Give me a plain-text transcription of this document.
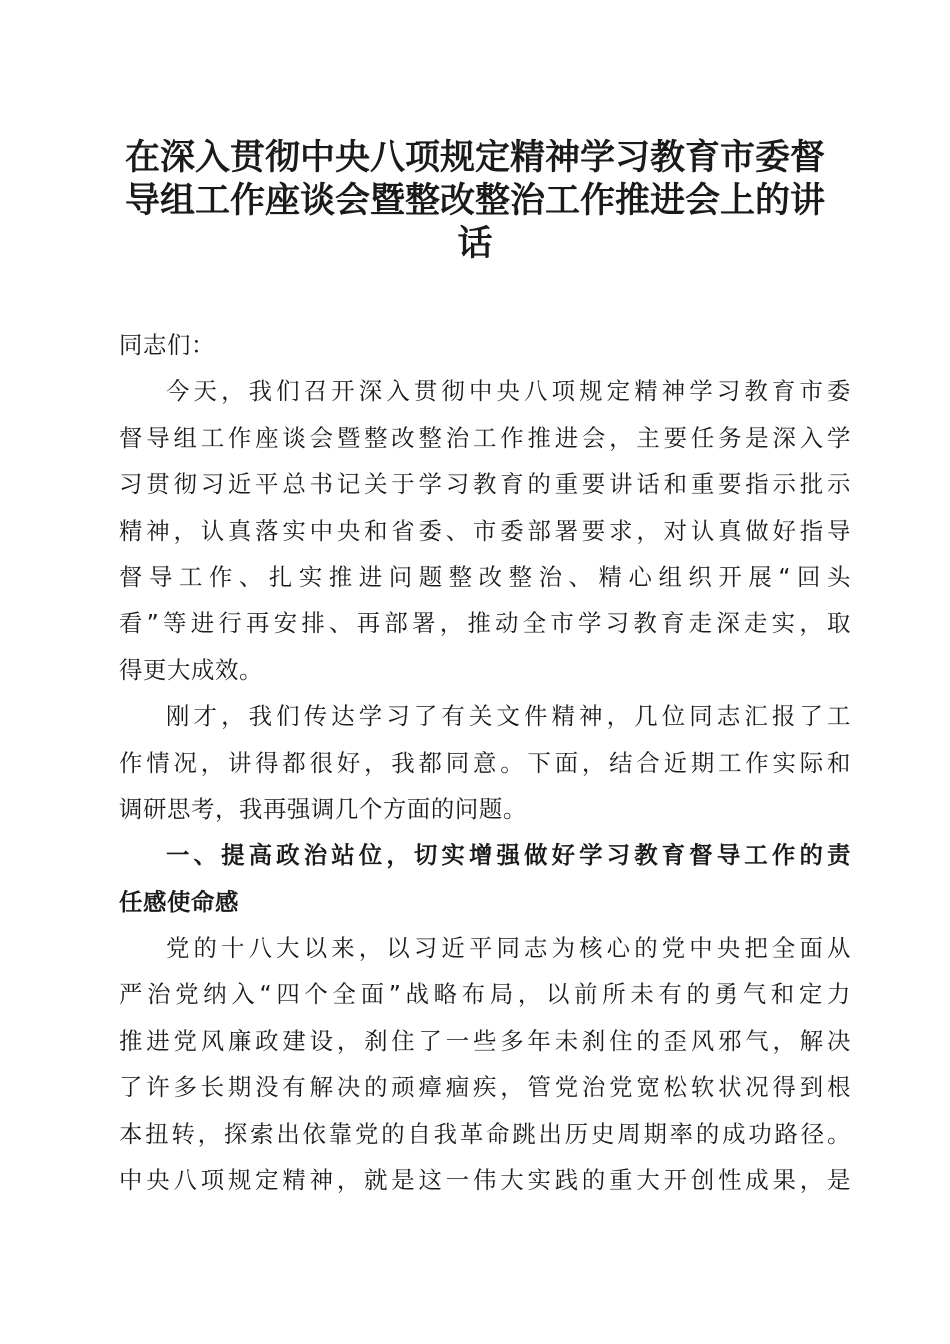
在深入贯彻中央八项规定精神学习教育市委督
导组工作座谈会暨整改整治工作推进会上的讲
话
同志们：
今天，我们召开深入贯彻中央八项规定精神学习教育市委
督导组工作座谈会暨整改整治工作推进会，主要任务是深入学
习贯彻习近平总书记关于学习教育的重要讲话和重要指示批示
精神，认真落实中央和省委、市委部署要求，对认真做好指导
督导工作、扎实推进问题整改整治、精心组织开展“回头
看”等进行再安排、再部署，推动全市学习教育走深走实，取
得更大成效。
刚才，我们传达学习了有关文件精神，几位同志汇报了工
作情况，讲得都很好，我都同意。下面，结合近期工作实际和
调研思考，我再强调几个方面的问题。
一、提高政治站位，切实增强做好学习教育督导工作的责
任感使命感
党的十八大以来，以习近平同志为核心的党中央把全面从
严治党纳入“四个全面”战略布局，以前所未有的勇气和定力
推进党风廉政建设，刹住了一些多年未刹住的歪风邪气，解决
了许多长期没有解决的顽瘴痼疾，管党治党宽松软状况得到根
本扭转，探索出依靠党的自我革命跳出历史周期率的成功路径。
中央八项规定精神，就是这一伟大实践的重大开创性成果，是
